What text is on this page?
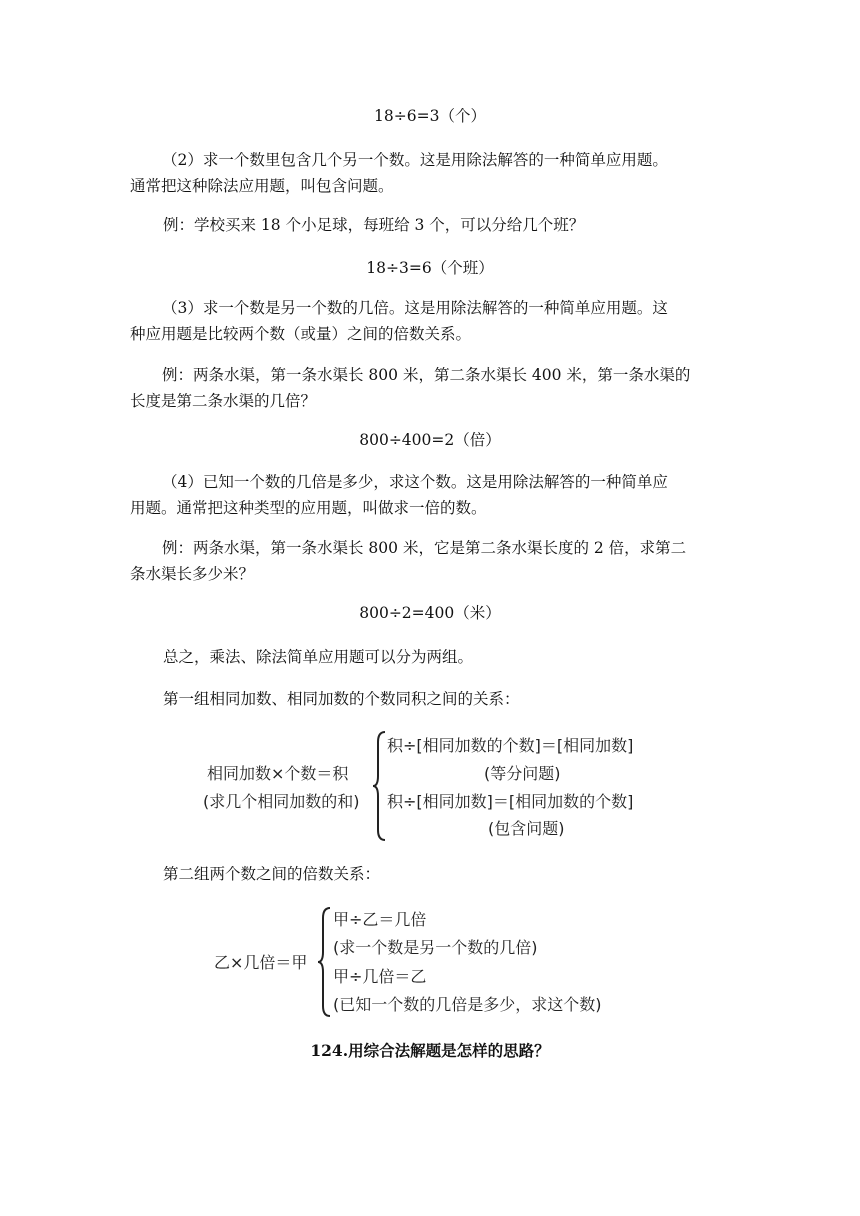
18÷6=3（个）
（2）求一个数里包含几个另一个数。这是用除法解答的一种简单应用题。
通常把这种除法应用题，叫包含问题。
例：学校买来 18 个小足球，每班给 3 个，可以分给几个班？
18÷3=6（个班）
（3）求一个数是另一个数的几倍。这是用除法解答的一种简单应用题。这
种应用题是比较两个数（或量）之间的倍数关系。
例：两条水渠，第一条水渠长 800 米，第二条水渠长 400 米，第一条水渠的
长度是第二条水渠的几倍？
800÷400=2（倍）
（4）已知一个数的几倍是多少，求这个数。这是用除法解答的一种简单应
用题。通常把这种类型的应用题，叫做求一倍的数。
例：两条水渠，第一条水渠长 800 米，它是第二条水渠长度的 2 倍，求第二
条水渠长多少米？
800÷2=400（米）
总之，乘法、除法简单应用题可以分为两组。
第一组相同加数、相同加数的个数同积之间的关系：
相同加数×个数＝积
(求几个相同加数的和)
积÷[相同加数的个数]＝[相同加数]
(等分问题)
积÷[相同加数]＝[相同加数的个数]
(包含问题)
第二组两个数之间的倍数关系：
乙×几倍＝甲
甲÷乙＝几倍
(求一个数是另一个数的几倍)
甲÷几倍＝乙
(已知一个数的几倍是多少，求这个数)
124.用综合法解题是怎样的思路？
